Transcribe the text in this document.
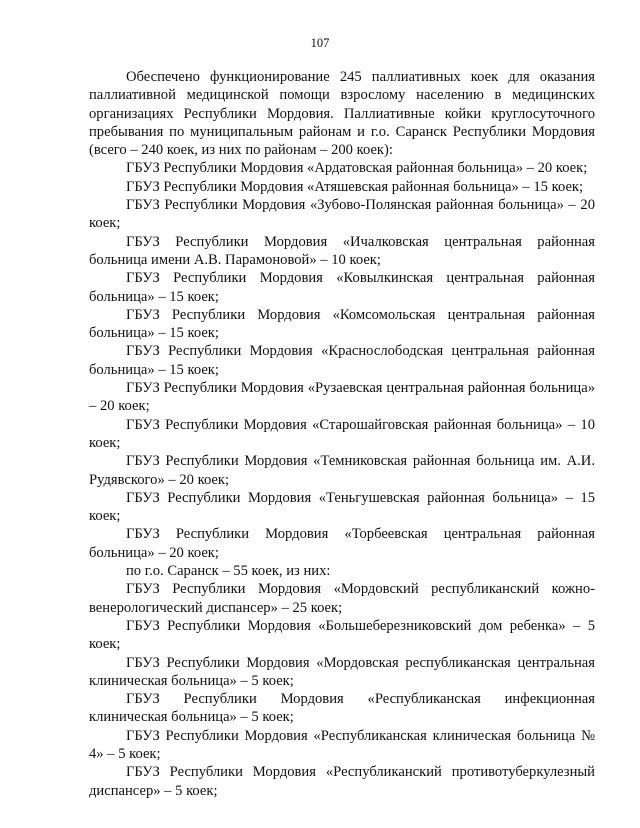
107

Обеспечено функционирование 245 паллиативных коек для оказания паллиативной медицинской помощи взрослому населению в медицинских организациях Республики Мордовия. Паллиативные койки круглосуточного пребывания по муниципальным районам и г.о. Саранск Республики Мордовия (всего – 240 коек, из них по районам – 200 коек):

ГБУЗ Республики Мордовия «Ардатовская районная больница» – 20 коек;

ГБУЗ Республики Мордовия «Атяшевская районная больница» – 15 коек;

ГБУЗ Республики Мордовия «Зубово-Полянская районная больница» – 20 коек;

ГБУЗ Республики Мордовия «Ичалковская центральная районная больница имени А.В. Парамоновой» – 10 коек;

ГБУЗ Республики Мордовия «Ковылкинская центральная районная больница» – 15 коек;

ГБУЗ Республики Мордовия «Комсомольская центральная районная больница» – 15 коек;

ГБУЗ Республики Мордовия «Краснослободская центральная районная больница» – 15 коек;

ГБУЗ Республики Мордовия «Рузаевская центральная районная больница» – 20 коек;

ГБУЗ Республики Мордовия «Старошайговская районная больница» – 10 коек;

ГБУЗ Республики Мордовия «Темниковская районная больница им. А.И. Рудявского» – 20 коек;

ГБУЗ Республики Мордовия «Теньгушевская районная больница» – 15 коек;

ГБУЗ Республики Мордовия «Торбеевская центральная районная больница» – 20 коек;

по г.о. Саранск – 55 коек, из них:

ГБУЗ Республики Мордовия «Мордовский республиканский кожно-венерологический диспансер» – 25 коек;

ГБУЗ Республики Мордовия «Большеберезниковский дом ребенка» – 5 коек;

ГБУЗ Республики Мордовия «Мордовская республиканская центральная клиническая больница» – 5 коек;

ГБУЗ Республики Мордовия «Республиканская инфекционная клиническая больница» – 5 коек;

ГБУЗ Республики Мордовия «Республиканская клиническая больница № 4» – 5 коек;

ГБУЗ Республики Мордовия «Республиканский противотуберкулезный диспансер» – 5 коек;
